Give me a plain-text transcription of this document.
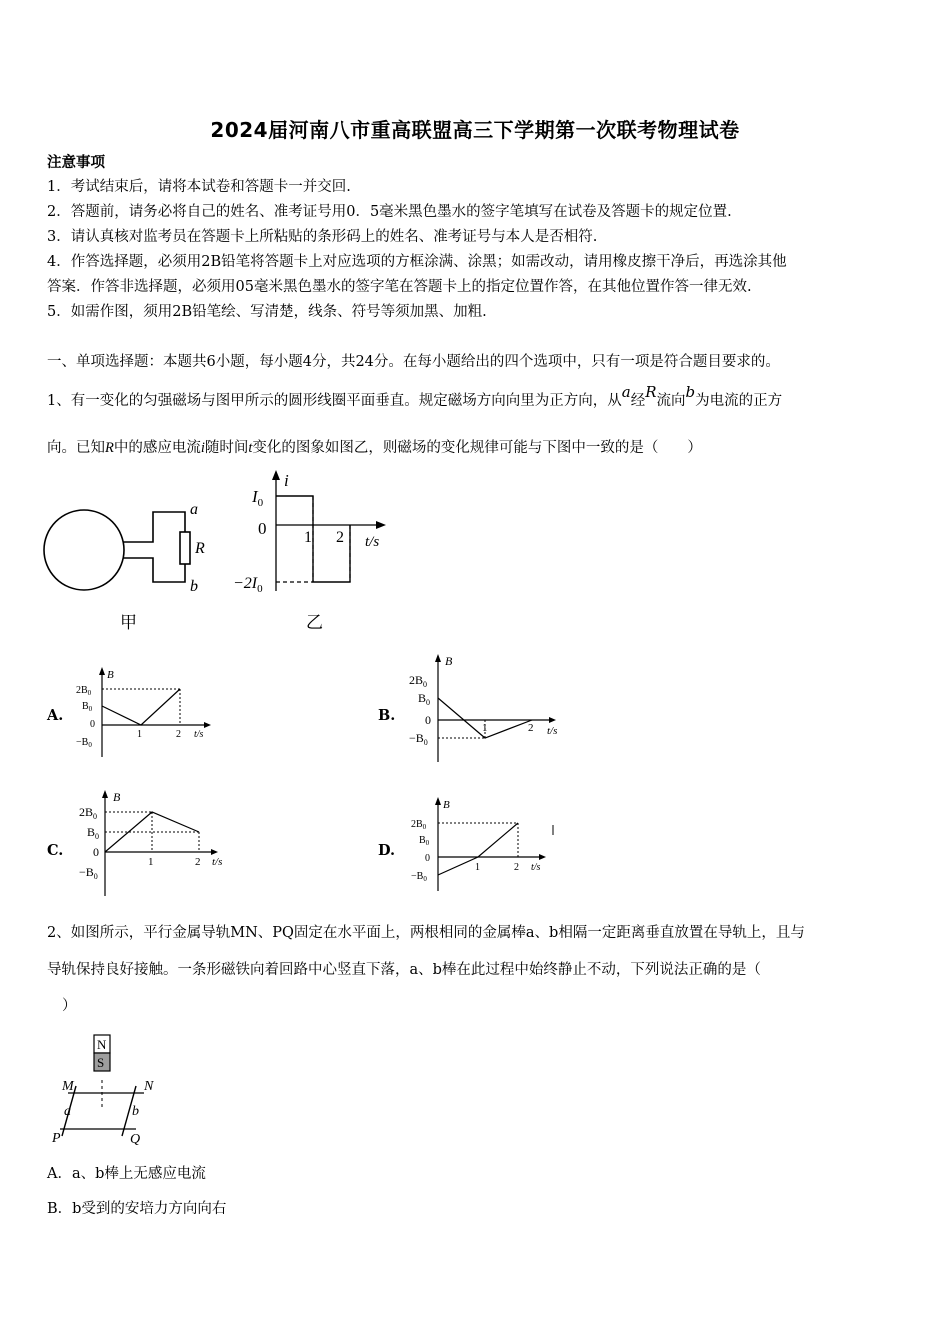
2024届河南八市重高联盟高三下学期第一次联考物理试卷
注意事项
1．考试结束后，请将本试卷和答题卡一并交回.
2．答题前，请务必将自己的姓名、准考证号用0．5毫米黑色墨水的签字笔填写在试卷及答题卡的规定位置.
3．请认真核对监考员在答题卡上所粘贴的条形码上的姓名、准考证号与本人是否相符.
4．作答选择题，必须用2B铅笔将答题卡上对应选项的方框涂满、涂黑；如需改动，请用橡皮擦干净后，再选涂其他
答案．作答非选择题，必须用05毫米黑色墨水的签字笔在答题卡上的指定位置作答，在其他位置作答一律无效.
5．如需作图，须用2B铅笔绘、写清楚，线条、符号等须加黑、加粗.
一、单项选择题：本题共6小题，每小题4分，共24分。在每小题给出的四个选项中，只有一项是符合题目要求的。
1、有一变化的匀强磁场与图甲所示的圆形线圈平面垂直。规定磁场方向向里为正方向，从a经R流向b为电流的正方
向。已知R中的感应电流i随时间t变化的图象如图乙，则磁场的变化规律可能与下图中一致的是（　　）
a
R
b
甲
i
$I_0$
0 1 2 t/s
$-2I_0$
乙
A.	B.
C.	D.
B
$2B_0$
$B_0$
0
$-B_0$
1	2 t/s
B
$2B_0$
$B_0$
0
$-B_0$
1	2 t/s
B
$2B_0$
$B_0$
0
$-B_0$
1	2 t/s
B
$2B_0$
$B_0$
0
$-B_0$
1	2 t/s
2、如图所示，平行金属导轨MN、PQ固定在水平面上，两根相同的金属棒a、b相隔一定距离垂直放置在导轨上，且与
导轨保持良好接触。一条形磁铁向着回路中心竖直下落，a、b棒在此过程中始终静止不动，下列说法正确的是（
）
N
S
M	N
a	b
P	Q
A．a、b棒上无感应电流
B．b受到的安培力方向向右
